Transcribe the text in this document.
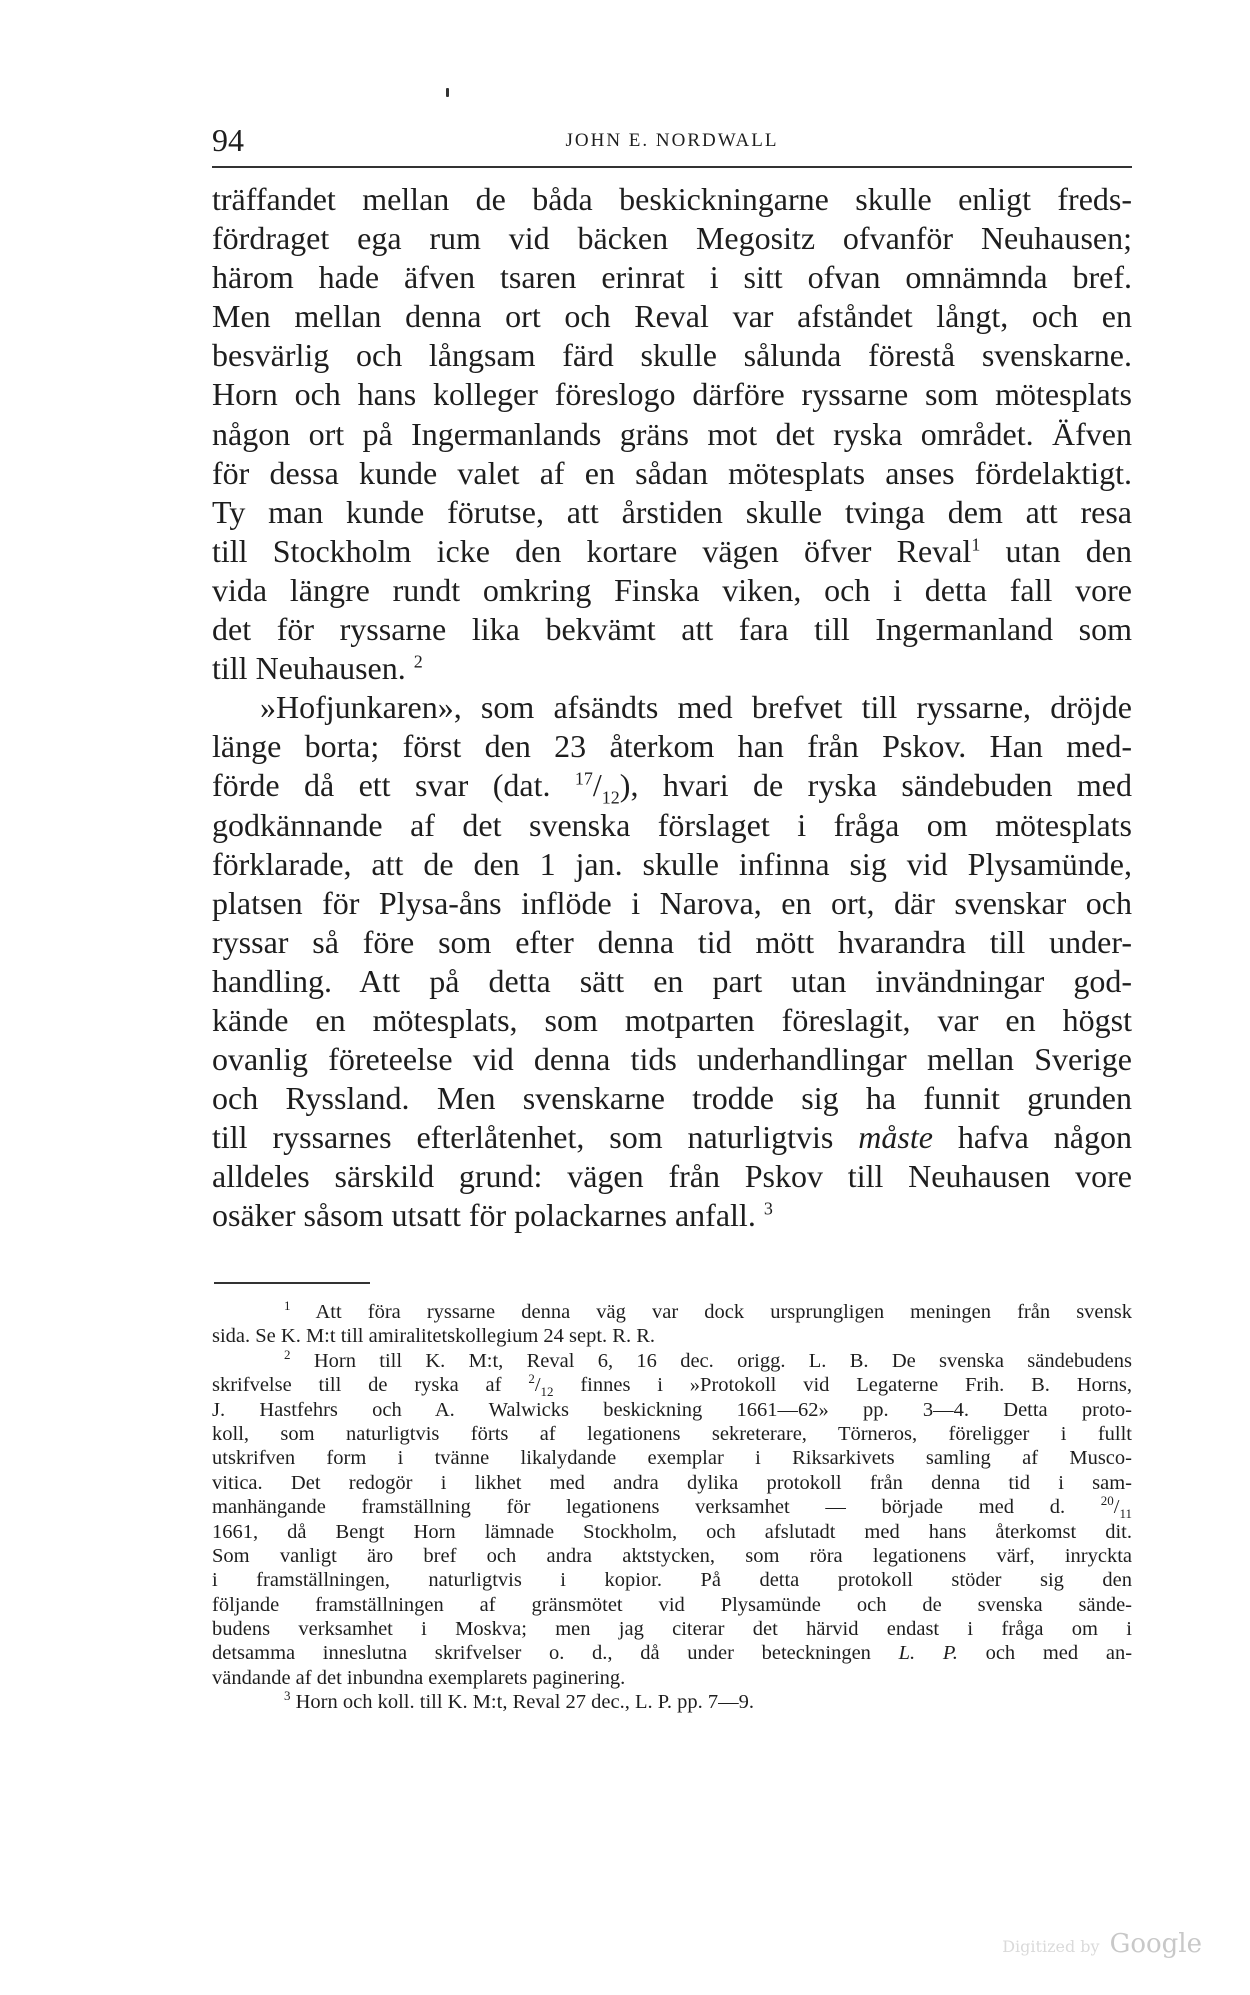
94	JOHN E. NORDWALL
träffandet mellan de båda beskickningarne skulle enligt freds-
fördraget ega rum vid bäcken Megositz ofvanför Neuhausen;
härom hade äfven tsaren erinrat i sitt ofvan omnämnda bref.
Men mellan denna ort och Reval var afståndet långt, och en
besvärlig och långsam färd skulle sålunda förestå svenskarne.
Horn och hans kolleger föreslogo därföre ryssarne som mötesplats
någon ort på Ingermanlands gräns mot det ryska området. Äfven
för dessa kunde valet af en sådan mötesplats anses fördelaktigt.
Ty man kunde förutse, att årstiden skulle tvinga dem att resa
till Stockholm icke den kortare vägen öfver Reval$^1$ utan den
vida längre rundt omkring Finska viken, och i detta fall vore
det för ryssarne lika bekvämt att fara till Ingermanland som
till Neuhausen. $^2$
»Hofjunkaren», som afsändts med brefvet till ryssarne, dröjde
länge borta; först den 23 återkom han från Pskov. Han med-
förde då ett svar (dat. $^{17}/_{12}$), hvari de ryska sändebuden med
godkännande af det svenska förslaget i fråga om mötesplats
förklarade, att de den 1 jan. skulle infinna sig vid Plysamünde,
platsen för Plysa-åns inflöde i Narova, en ort, där svenskar och
ryssar så före som efter denna tid mött hvarandra till under-
handling. Att på detta sätt en part utan invändningar god-
kände en mötesplats, som motparten föreslagit, var en högst
ovanlig företeelse vid denna tids underhandlingar mellan Sverige
och Ryssland. Men svenskarne trodde sig ha funnit grunden
till ryssarnes efterlåtenhet, som naturligtvis måste hafva någon
alldeles särskild grund: vägen från Pskov till Neuhausen vore
osäker såsom utsatt för polackarnes anfall. $^3$
$^1$ Att föra ryssarne denna väg var dock ursprungligen meningen från svensk
sida. Se K. M:t till amiralitetskollegium 24 sept. R. R.
$^2$ Horn till K. M:t, Reval 6, 16 dec. origg. L. B. De svenska sändebudens
skrifvelse till de ryska af $^2/_{12}$ finnes i »Protokoll vid Legaterne Frih. B. Horns,
J. Hastfehrs och A. Walwicks beskickning 1661—62» pp. 3—4. Detta proto-
koll, som naturligtvis förts af legationens sekreterare, Törneros, föreligger i fullt
utskrifven form i tvänne likalydande exemplar i Riksarkivets samling af Musco-
vitica. Det redogör i likhet med andra dylika protokoll från denna tid i sam-
manhängande framställning för legationens verksamhet — började med d. $^{20}/_{11}$
1661, då Bengt Horn lämnade Stockholm, och afslutadt med hans återkomst dit.
Som vanligt äro bref och andra aktstycken, som röra legationens värf, inryckta
i framställningen, naturligtvis i kopior. På detta protokoll stöder sig den
följande framställningen af gränsmötet vid Plysamünde och de svenska sände-
budens verksamhet i Moskva; men jag citerar det härvid endast i fråga om i
detsamma inneslutna skrifvelser o. d., då under beteckningen L. P. och med an-
vändande af det inbundna exemplarets paginering.
$^3$ Horn och koll. till K. M:t, Reval 27 dec., L. P. pp. 7—9.
Digitized by Google
